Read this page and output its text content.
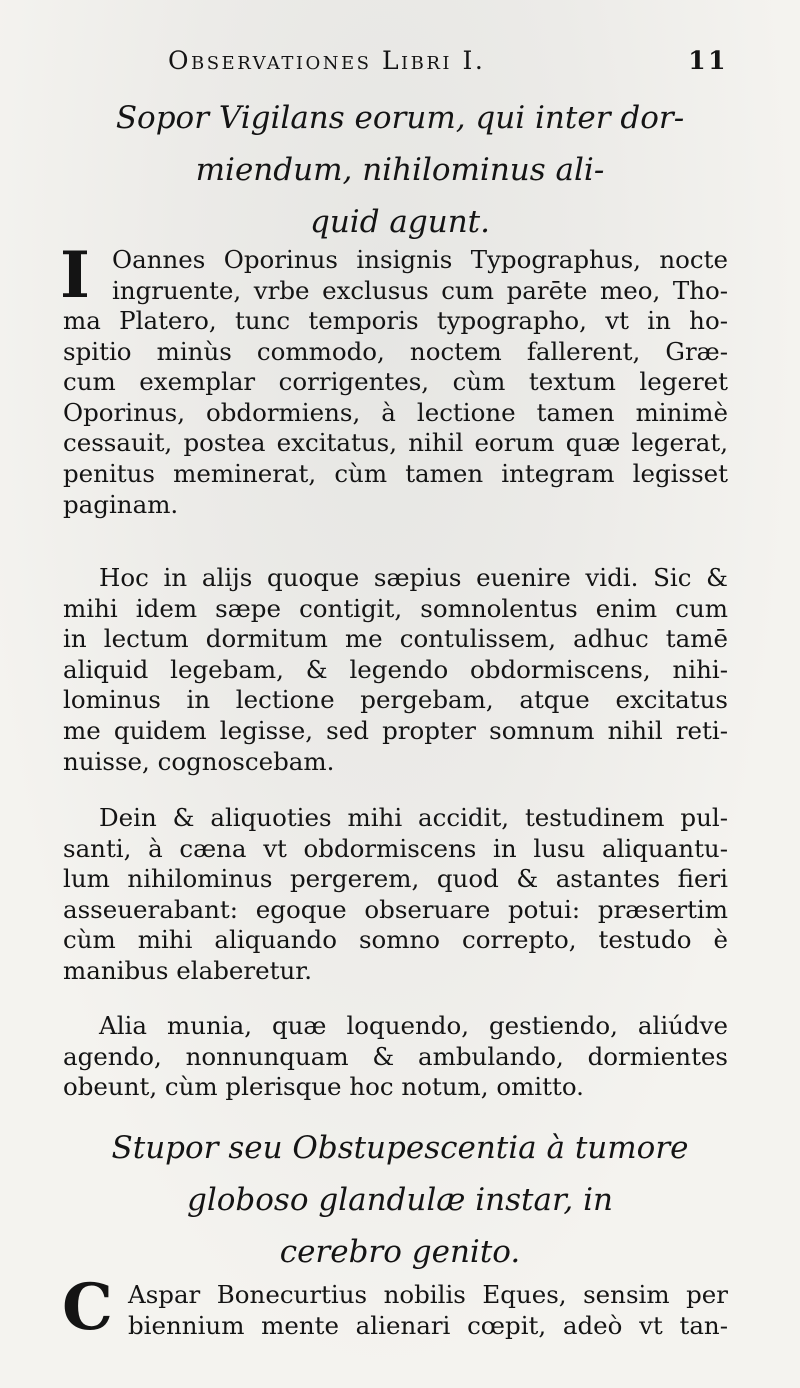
Observationes Libri I.	11
Sopor Vigilans eorum, qui inter dor-
miendum, nihilominus ali-
quid agunt.
I Oannes Oporinus insignis Typographus, nocte
ingruente, vrbe exclusus cum parēte meo, Tho-
ma Platero, tunc temporis typographo, vt in ho-
spitio minùs commodo, noctem fallerent, Græ-
cum exemplar corrigentes, cùm textum legeret
Oporinus, obdormiens, à lectione tamen minimè
cessauit, postea excitatus, nihil eorum quæ legerat,
penitus meminerat, cùm tamen integram legisset
paginam.
Hoc in alijs quoque sæpius euenire vidi. Sic &
mihi idem sæpe contigit, somnolentus enim cum
in lectum dormitum me contulissem, adhuc tamē
aliquid legebam, & legendo obdormiscens, nihi-
lominus in lectione pergebam, atque excitatus
me quidem legisse, sed propter somnum nihil reti-
nuisse, cognoscebam.
Dein & aliquoties mihi accidit, testudinem pul-
santi, à cæna vt obdormiscens in lusu aliquantu-
lum nihilominus pergerem, quod & astantes fieri
asseuerabant: egoque obseruare potui: præsertim
cùm mihi aliquando somno correpto, testudo è
manibus elaberetur.
Alia munia, quæ loquendo, gestiendo, aliúdve
agendo, nonnunquam & ambulando, dormientes
obeunt, cùm plerisque hoc notum, omitto.
Stupor seu Obstupescentia à tumore
globoso glandulæ instar, in
cerebro genito.
C Aspar Bonecurtius nobilis Eques, sensim per
biennium mente alienari cœpit, adeò vt tan-
